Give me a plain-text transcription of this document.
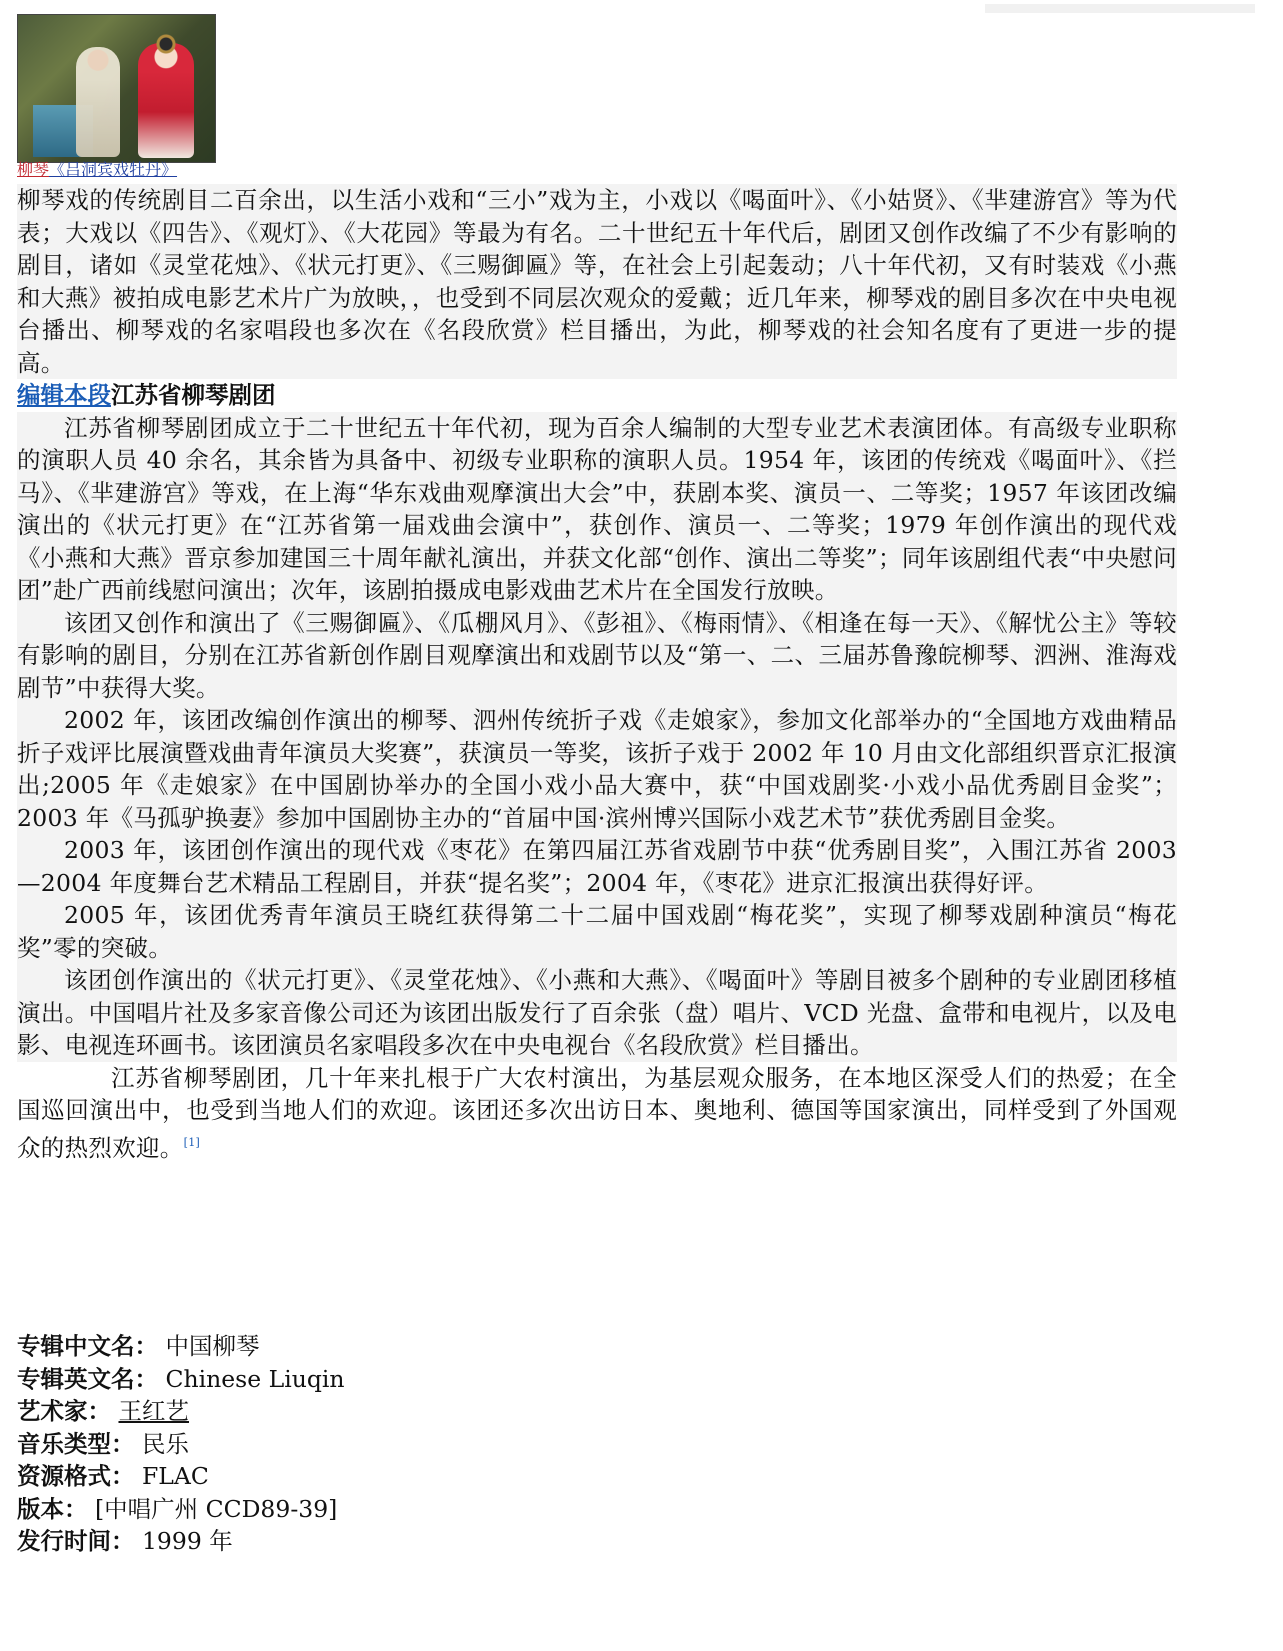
柳琴《吕洞宾戏牡丹》

柳琴戏的传统剧目二百余出，以生活小戏和“三小”戏为主，小戏以《喝面叶》、《小姑贤》、《芈建游宫》等为代表；大戏以《四告》、《观灯》、《大花园》等最为有名。二十世纪五十年代后，剧团又创作改编了不少有影响的剧目，诸如《灵堂花烛》、《状元打更》、《三赐御匾》等，在社会上引起轰动；八十年代初，又有时装戏《小燕和大燕》被拍成电影艺术片广为放映，，也受到不同层次观众的爱戴；近几年来，柳琴戏的剧目多次在中央电视台播出、柳琴戏的名家唱段也多次在《名段欣赏》栏目播出，为此，柳琴戏的社会知名度有了更进一步的提高。

编辑本段江苏省柳琴剧团

江苏省柳琴剧团成立于二十世纪五十年代初，现为百余人编制的大型专业艺术表演团体。有高级专业职称的演职人员 40 余名，其余皆为具备中、初级专业职称的演职人员。1954 年，该团的传统戏《喝面叶》、《拦马》、《芈建游宫》等戏，在上海“华东戏曲观摩演出大会”中，获剧本奖、演员一、二等奖；1957 年该团改编演出的《状元打更》在“江苏省第一届戏曲会演中”，获创作、演员一、二等奖；1979 年创作演出的现代戏《小燕和大燕》晋京参加建国三十周年献礼演出，并获文化部“创作、演出二等奖”；同年该剧组代表“中央慰问团”赴广西前线慰问演出；次年，该剧拍摄成电影戏曲艺术片在全国发行放映。

该团又创作和演出了《三赐御匾》、《瓜棚风月》、《彭祖》、《梅雨情》、《相逢在每一天》、《解忧公主》等较有影响的剧目，分别在江苏省新创作剧目观摩演出和戏剧节以及“第一、二、三届苏鲁豫皖柳琴、泗洲、淮海戏剧节”中获得大奖。

2002 年，该团改编创作演出的柳琴、泗州传统折子戏《走娘家》，参加文化部举办的“全国地方戏曲精品折子戏评比展演暨戏曲青年演员大奖赛”，获演员一等奖，该折子戏于 2002 年 10 月由文化部组织晋京汇报演出;2005 年《走娘家》在中国剧协举办的全国小戏小品大赛中，获“中国戏剧奖·小戏小品优秀剧目金奖”；2003 年《马孤驴换妻》参加中国剧协主办的“首届中国·滨州博兴国际小戏艺术节”获优秀剧目金奖。

2003 年，该团创作演出的现代戏《枣花》在第四届江苏省戏剧节中获“优秀剧目奖”，入围江苏省 2003—2004 年度舞台艺术精品工程剧目，并获“提名奖”；2004 年，《枣花》进京汇报演出获得好评。

2005 年，该团优秀青年演员王晓红获得第二十二届中国戏剧“梅花奖”，实现了柳琴戏剧种演员“梅花奖”零的突破。

该团创作演出的《状元打更》、《灵堂花烛》、《小燕和大燕》、《喝面叶》等剧目被多个剧种的专业剧团移植演出。中国唱片社及多家音像公司还为该团出版发行了百余张（盘）唱片、VCD 光盘、盒带和电视片，以及电影、电视连环画书。该团演员名家唱段多次在中央电视台《名段欣赏》栏目播出。

江苏省柳琴剧团，几十年来扎根于广大农村演出，为基层观众服务，在本地区深受人们的热爱；在全国巡回演出中，也受到当地人们的欢迎。该团还多次出访日本、奥地利、德国等国家演出，同样受到了外国观众的热烈欢迎。[1]

专辑中文名： 中国柳琴

专辑英文名： Chinese Liuqin

艺术家： 王红艺

音乐类型： 民乐

资源格式： FLAC

版本： [中唱广州 CCD89-39]

发行时间： 1999 年
